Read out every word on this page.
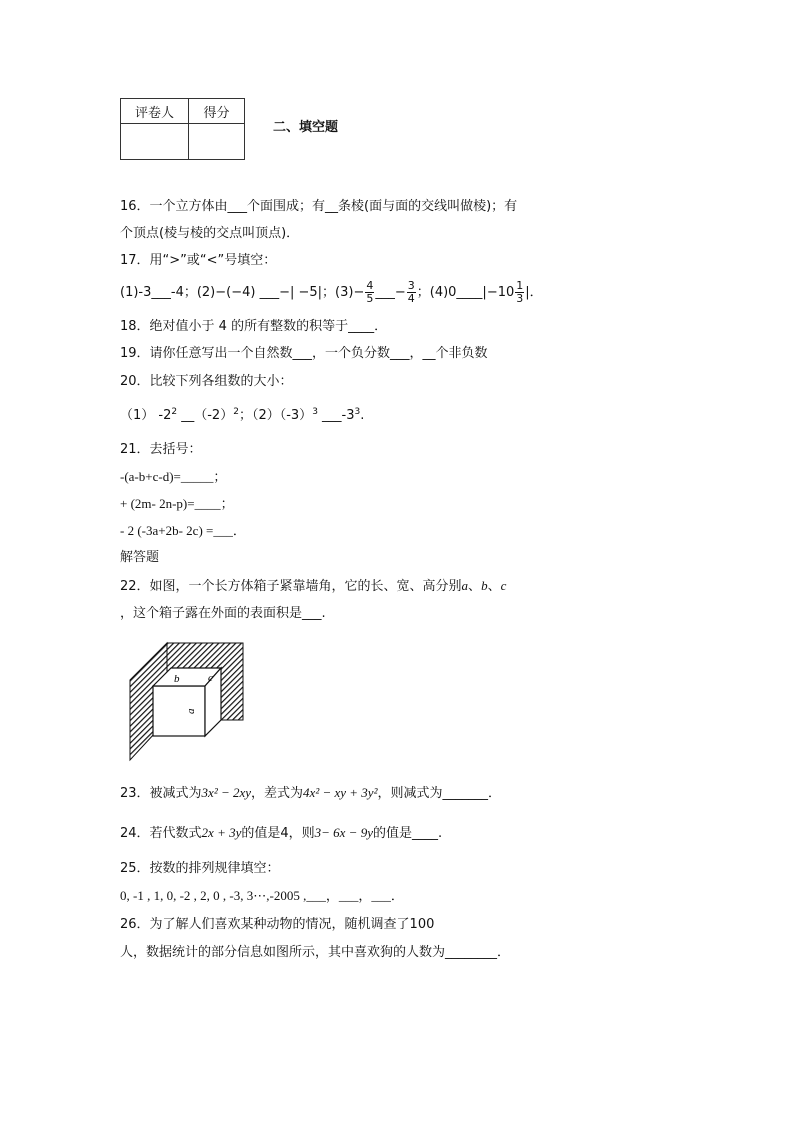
评卷人	得分

二、填空题
16．一个立方体由___个面围成；有__条棱(面与面的交线叫做棱)；有
个顶点(棱与棱的交点叫顶点)．
17．用“>”或“<”号填空：
(1)-3___-4；(2)−(−4) ___−| −5|；$(3)- \frac{4}{5}$ ___− $\frac{3}{4}$ ；(4)0____|−10 $\frac{1}{3}$ |．
18．绝对值小于 4 的所有整数的积等于____．
19．请你任意写出一个自然数___，一个负分数___，__个非负数
20．比较下列各组数的大小：
（1） $-2^2$ $\_\_(-2)^2$；$(2)(-3)^3$ $\_\_\_-3^3$.
21．去括号：
-(a-b+c-d)=_____；
+ (2m- 2n-p)=____；
- 2 (-3a+2b- 2c) =___．
解答题
22．如图，一个长方体箱子紧靠墙角，它的长、宽、高分别a、b、c
，这个箱子露在外面的表面积是___.
b	c
a
23．被减式为3x² − 2xy，差式为4x² − xy + 3y²，则减式为_______．
24．若代数式2x + 3y的值是4，则3− 6x − 9y的值是____.
25．按数的排列规律填空：
0, -1 , 1, 0, -2 , 2, 0 , -3, 3⋯,-2005 ,___，___，___．
26．为了解人们喜欢某种动物的情况，随机调查了100
人，数据统计的部分信息如图所示，其中喜欢狗的人数为________．
